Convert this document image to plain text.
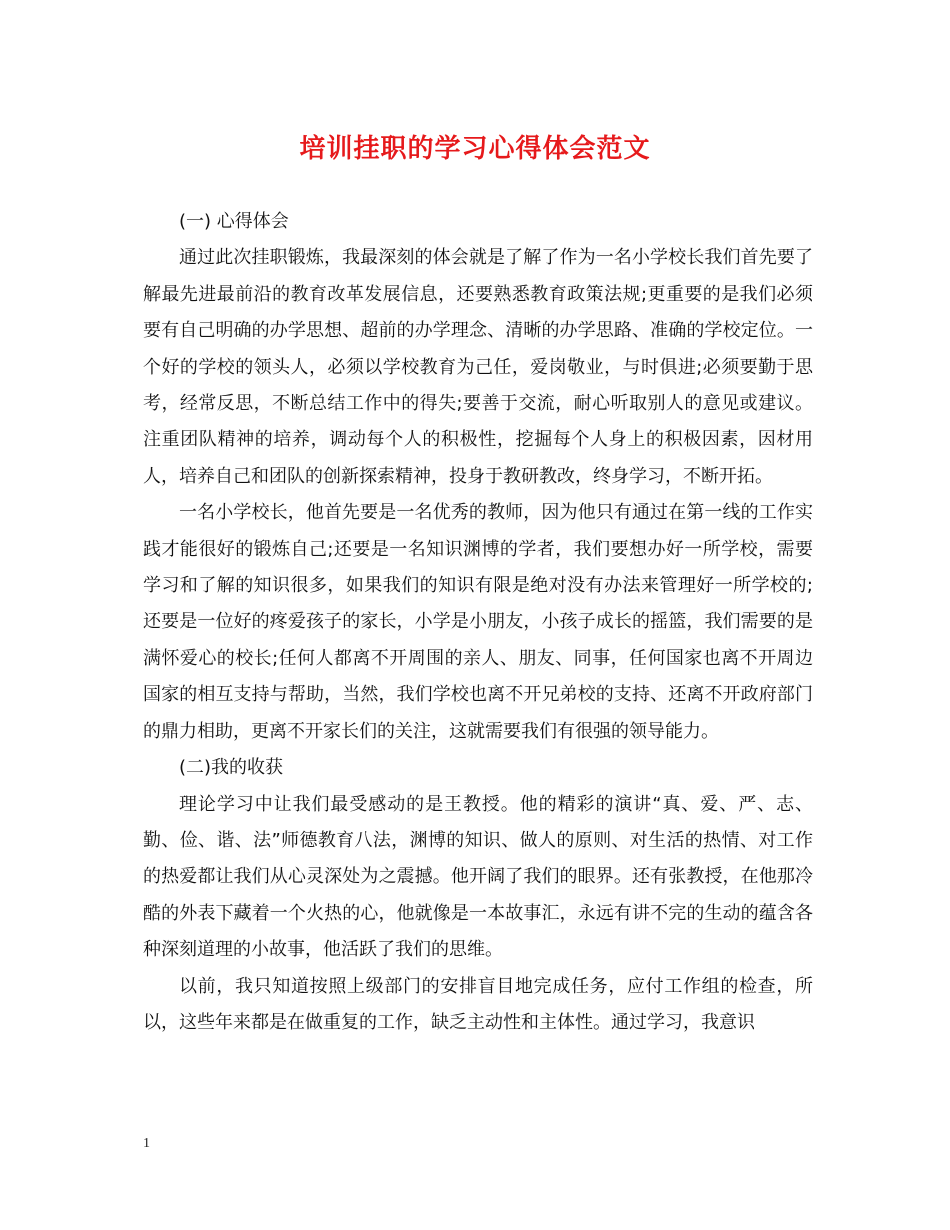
培训挂职的学习心得体会范文

(一) 心得体会

通过此次挂职锻炼，我最深刻的体会就是了解了作为一名小学校长我们首先要了解最先进最前沿的教育改革发展信息，还要熟悉教育政策法规;更重要的是我们必须要有自己明确的办学思想、超前的办学理念、清晰的办学思路、准确的学校定位。一个好的学校的领头人，必须以学校教育为己任，爱岗敬业，与时俱进;必须要勤于思考，经常反思，不断总结工作中的得失;要善于交流，耐心听取别人的意见或建议。注重团队精神的培养，调动每个人的积极性，挖掘每个人身上的积极因素，因材用人，培养自己和团队的创新探索精神，投身于教研教改，终身学习，不断开拓。

一名小学校长，他首先要是一名优秀的教师，因为他只有通过在第一线的工作实践才能很好的锻炼自己;还要是一名知识渊博的学者，我们要想办好一所学校，需要学习和了解的知识很多，如果我们的知识有限是绝对没有办法来管理好一所学校的;还要是一位好的疼爱孩子的家长，小学是小朋友，小孩子成长的摇篮，我们需要的是满怀爱心的校长;任何人都离不开周围的亲人、朋友、同事，任何国家也离不开周边国家的相互支持与帮助，当然，我们学校也离不开兄弟校的支持、还离不开政府部门的鼎力相助，更离不开家长们的关注，这就需要我们有很强的领导能力。

(二)我的收获

理论学习中让我们最受感动的是王教授。他的精彩的演讲“真、爱、严、志、勤、俭、谐、法”师德教育八法，渊博的知识、做人的原则、对生活的热情、对工作的热爱都让我们从心灵深处为之震撼。他开阔了我们的眼界。还有张教授，在他那冷酷的外表下藏着一个火热的心，他就像是一本故事汇，永远有讲不完的生动的蕴含各种深刻道理的小故事，他活跃了我们的思维。

以前，我只知道按照上级部门的安排盲目地完成任务，应付工作组的检查，所以，这些年来都是在做重复的工作，缺乏主动性和主体性。通过学习，我意识

1
